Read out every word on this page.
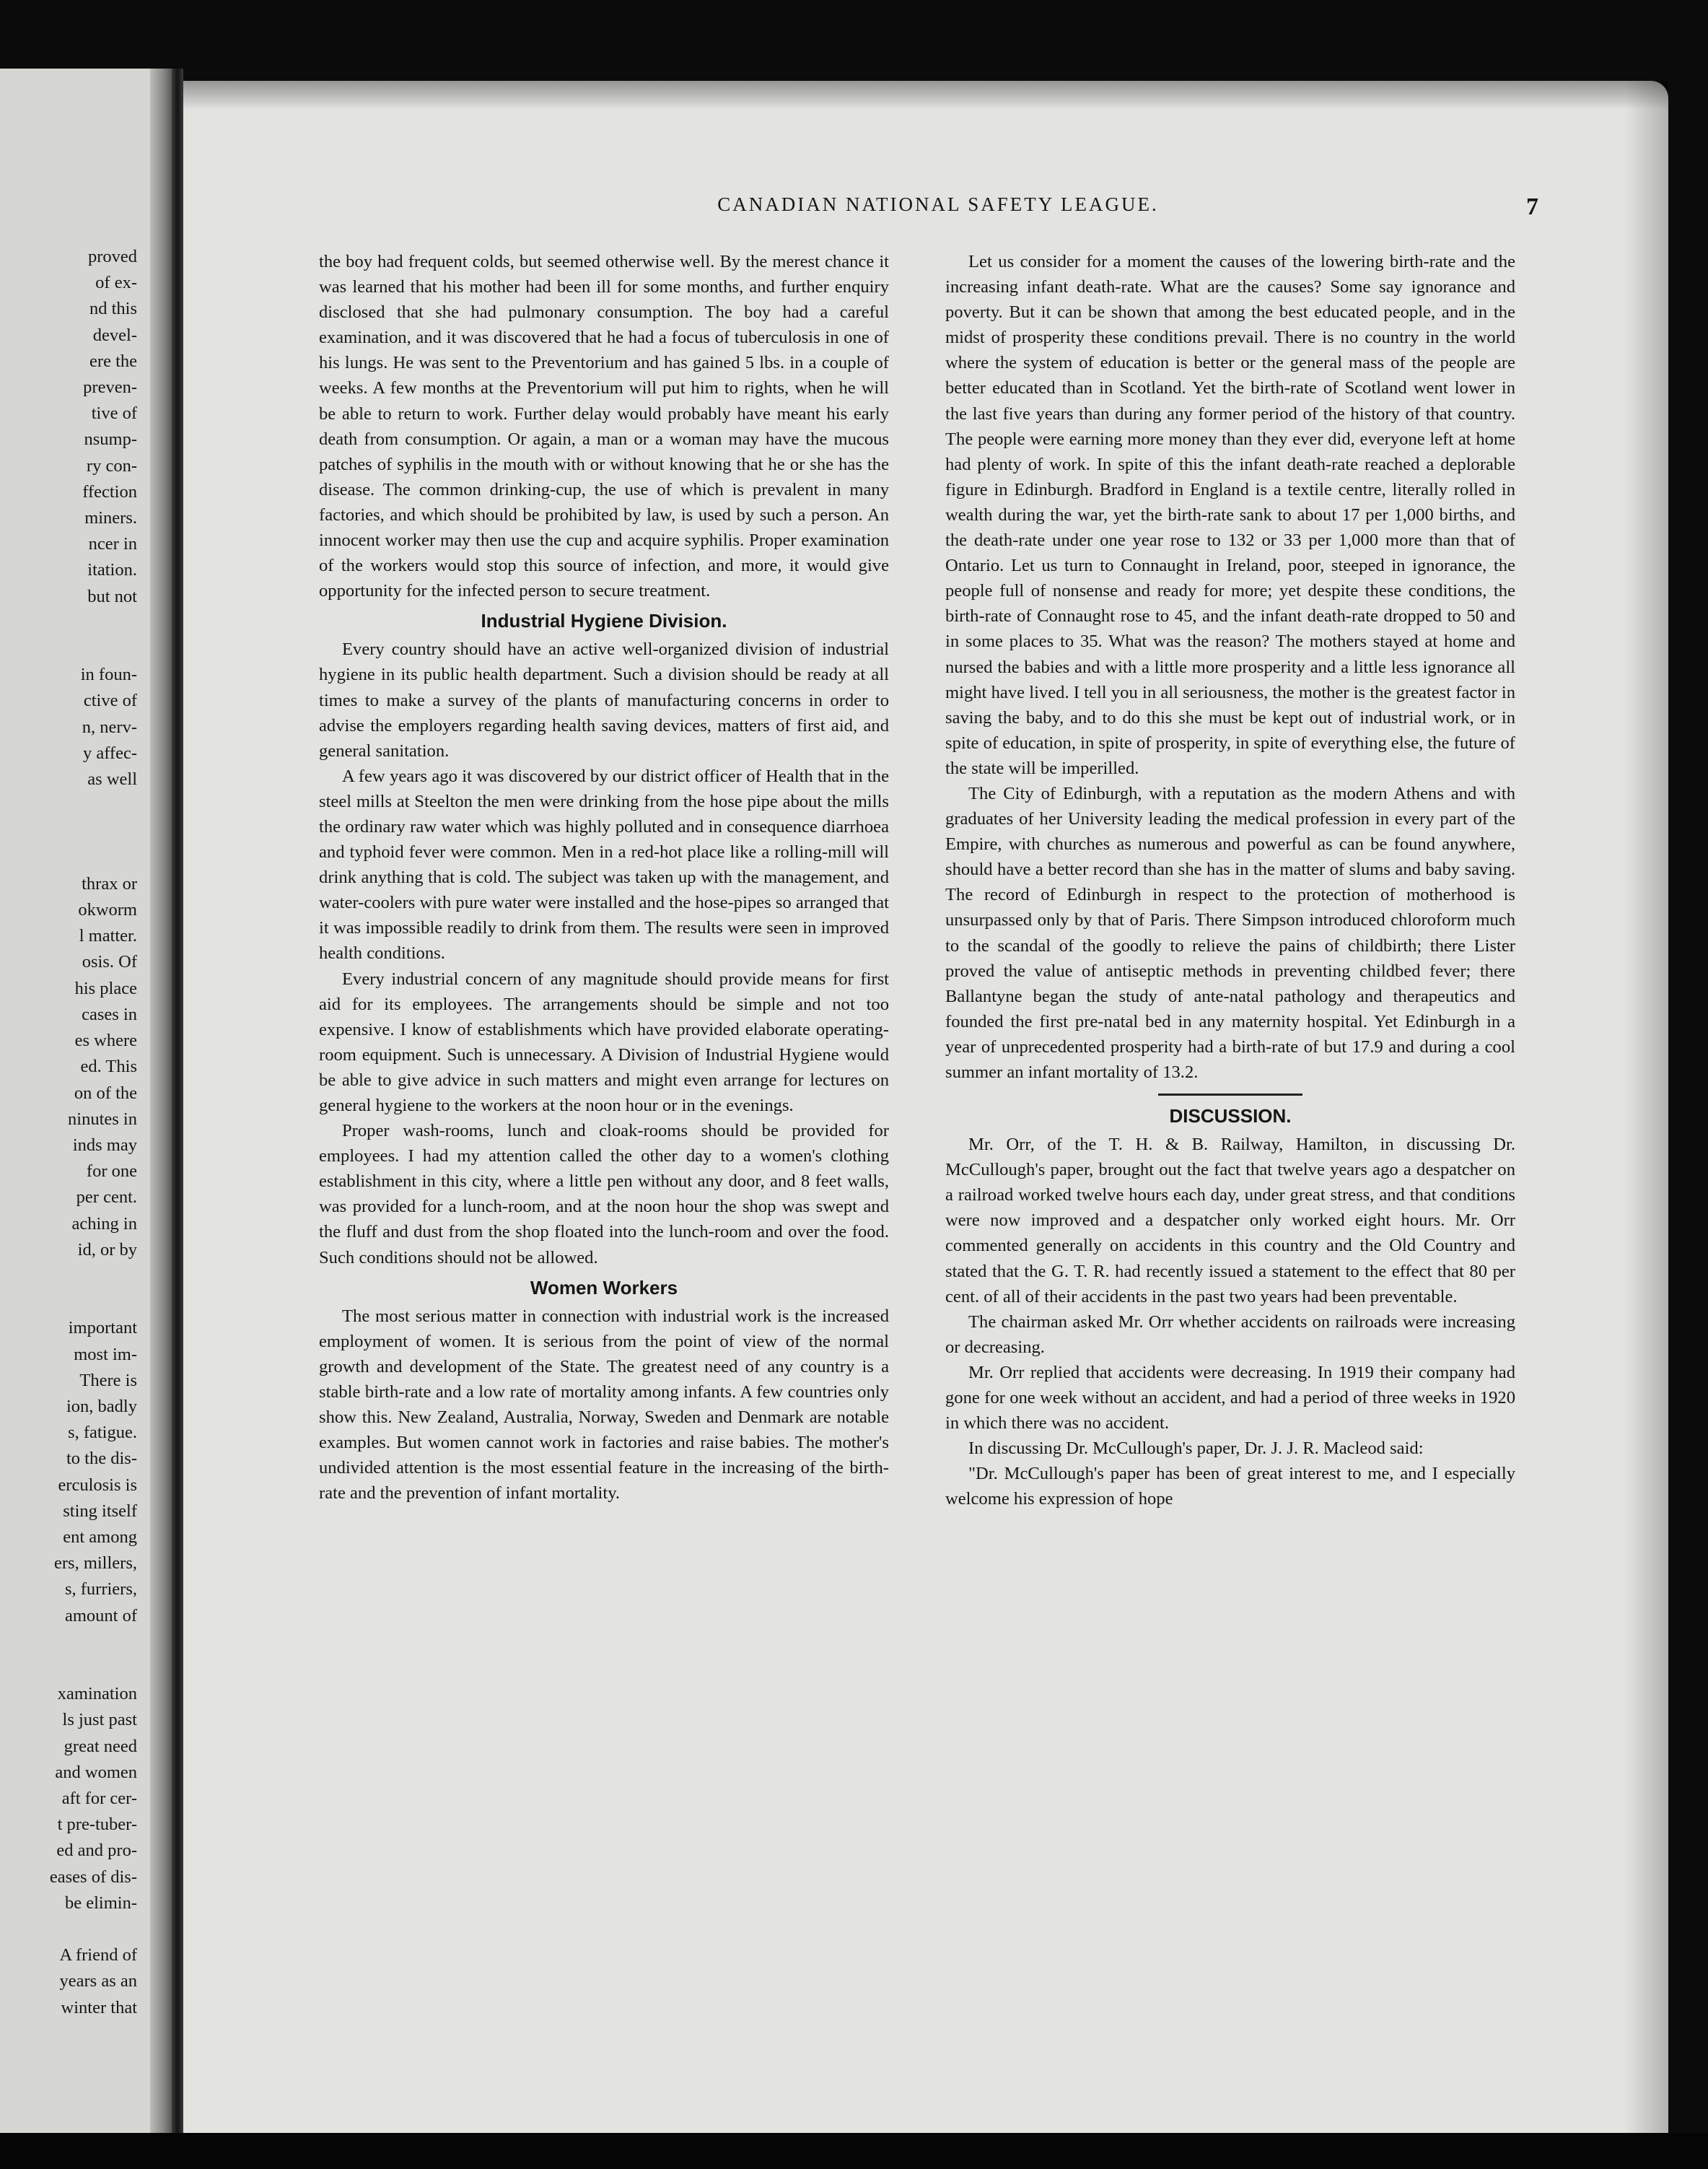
proved
of ex-
nd this
devel-
ere the
preven-
tive of
nsump-
ry con-
ffection
miners.
ncer in
itation.
but not

in foun-
ctive of
n, nerv-
y affec-
as well

thrax or
okworm
l matter.
osis. Of
his place
cases in
es where
ed. This
on of the
ninutes in
inds may
for one
per cent.
aching in
id, or by

important
most im-
There is
ion, badly
s, fatigue.
to the dis-
erculosis is
sting itself
ent among
ers, millers,
s, furriers,
amount of

xamination
ls just past
great need
and women
aft for cer-
t pre-tuber-
ed and pro-
eases of dis-
be elimin-

A friend of
years as an
winter that
CANADIAN NATIONAL SAFETY LEAGUE.	7

the boy had frequent colds, but seemed otherwise well. By the merest chance it was learned that his mother had been ill for some months, and further enquiry disclosed that she had pulmonary consumption. The boy had a careful examination, and it was discovered that he had a focus of tuberculosis in one of his lungs. He was sent to the Preventorium and has gained 5 lbs. in a couple of weeks. A few months at the Preventorium will put him to rights, when he will be able to return to work. Further delay would probably have meant his early death from consumption. Or again, a man or a woman may have the mucous patches of syphilis in the mouth with or without knowing that he or she has the disease. The common drinking-cup, the use of which is prevalent in many factories, and which should be prohibited by law, is used by such a person. An innocent worker may then use the cup and acquire syphilis. Proper examination of the workers would stop this source of infection, and more, it would give opportunity for the infected person to secure treatment.

Industrial Hygiene Division.

Every country should have an active well-organized division of industrial hygiene in its public health department. Such a division should be ready at all times to make a survey of the plants of manufacturing concerns in order to advise the employers regarding health saving devices, matters of first aid, and general sanitation.

A few years ago it was discovered by our district officer of Health that in the steel mills at Steelton the men were drinking from the hose pipe about the mills the ordinary raw water which was highly polluted and in consequence diarrhoea and typhoid fever were common. Men in a red-hot place like a rolling-mill will drink anything that is cold. The subject was taken up with the management, and water-coolers with pure water were installed and the hose-pipes so arranged that it was impossible readily to drink from them. The results were seen in improved health conditions.

Every industrial concern of any magnitude should provide means for first aid for its employees. The arrangements should be simple and not too expensive. I know of establishments which have provided elaborate operating-room equipment. Such is unnecessary. A Division of Industrial Hygiene would be able to give advice in such matters and might even arrange for lectures on general hygiene to the workers at the noon hour or in the evenings.

Proper wash-rooms, lunch and cloak-rooms should be provided for employees. I had my attention called the other day to a women's clothing establishment in this city, where a little pen without any door, and 8 feet walls, was provided for a lunch-room, and at the noon hour the shop was swept and the fluff and dust from the shop floated into the lunch-room and over the food. Such conditions should not be allowed.

Women Workers

The most serious matter in connection with industrial work is the increased employment of women. It is serious from the point of view of the normal growth and development of the State. The greatest need of any country is a stable birth-rate and a low rate of mortality among infants. A few countries only show this. New Zealand, Australia, Norway, Sweden and Denmark are notable examples. But women cannot work in factories and raise babies. The mother's undivided attention is the most essential feature in the increasing of the birth-rate and the prevention of infant mortality.

Let us consider for a moment the causes of the lowering birth-rate and the increasing infant death-rate. What are the causes? Some say ignorance and poverty. But it can be shown that among the best educated people, and in the midst of prosperity these conditions prevail. There is no country in the world where the system of education is better or the general mass of the people are better educated than in Scotland. Yet the birth-rate of Scotland went lower in the last five years than during any former period of the history of that country. The people were earning more money than they ever did, everyone left at home had plenty of work. In spite of this the infant death-rate reached a deplorable figure in Edinburgh. Bradford in England is a textile centre, literally rolled in wealth during the war, yet the birth-rate sank to about 17 per 1,000 births, and the death-rate under one year rose to 132 or 33 per 1,000 more than that of Ontario. Let us turn to Connaught in Ireland, poor, steeped in ignorance, the people full of nonsense and ready for more; yet despite these conditions, the birth-rate of Connaught rose to 45, and the infant death-rate dropped to 50 and in some places to 35. What was the reason? The mothers stayed at home and nursed the babies and with a little more prosperity and a little less ignorance all might have lived. I tell you in all seriousness, the mother is the greatest factor in saving the baby, and to do this she must be kept out of industrial work, or in spite of education, in spite of prosperity, in spite of everything else, the future of the state will be imperilled.

The City of Edinburgh, with a reputation as the modern Athens and with graduates of her University leading the medical profession in every part of the Empire, with churches as numerous and powerful as can be found anywhere, should have a better record than she has in the matter of slums and baby saving. The record of Edinburgh in respect to the protection of motherhood is unsurpassed only by that of Paris. There Simpson introduced chloroform much to the scandal of the goodly to relieve the pains of childbirth; there Lister proved the value of antiseptic methods in preventing childbed fever; there Ballantyne began the study of ante-natal pathology and therapeutics and founded the first pre-natal bed in any maternity hospital. Yet Edinburgh in a year of unprecedented prosperity had a birth-rate of but 17.9 and during a cool summer an infant mortality of 13.2.

DISCUSSION.

Mr. Orr, of the T. H. & B. Railway, Hamilton, in discussing Dr. McCullough's paper, brought out the fact that twelve years ago a despatcher on a railroad worked twelve hours each day, under great stress, and that conditions were now improved and a despatcher only worked eight hours. Mr. Orr commented generally on accidents in this country and the Old Country and stated that the G. T. R. had recently issued a statement to the effect that 80 per cent. of all of their accidents in the past two years had been preventable.

The chairman asked Mr. Orr whether accidents on railroads were increasing or decreasing.

Mr. Orr replied that accidents were decreasing. In 1919 their company had gone for one week without an accident, and had a period of three weeks in 1920 in which there was no accident.

In discussing Dr. McCullough's paper, Dr. J. J. R. Macleod said:

"Dr. McCullough's paper has been of great interest to me, and I especially welcome his expression of hope
